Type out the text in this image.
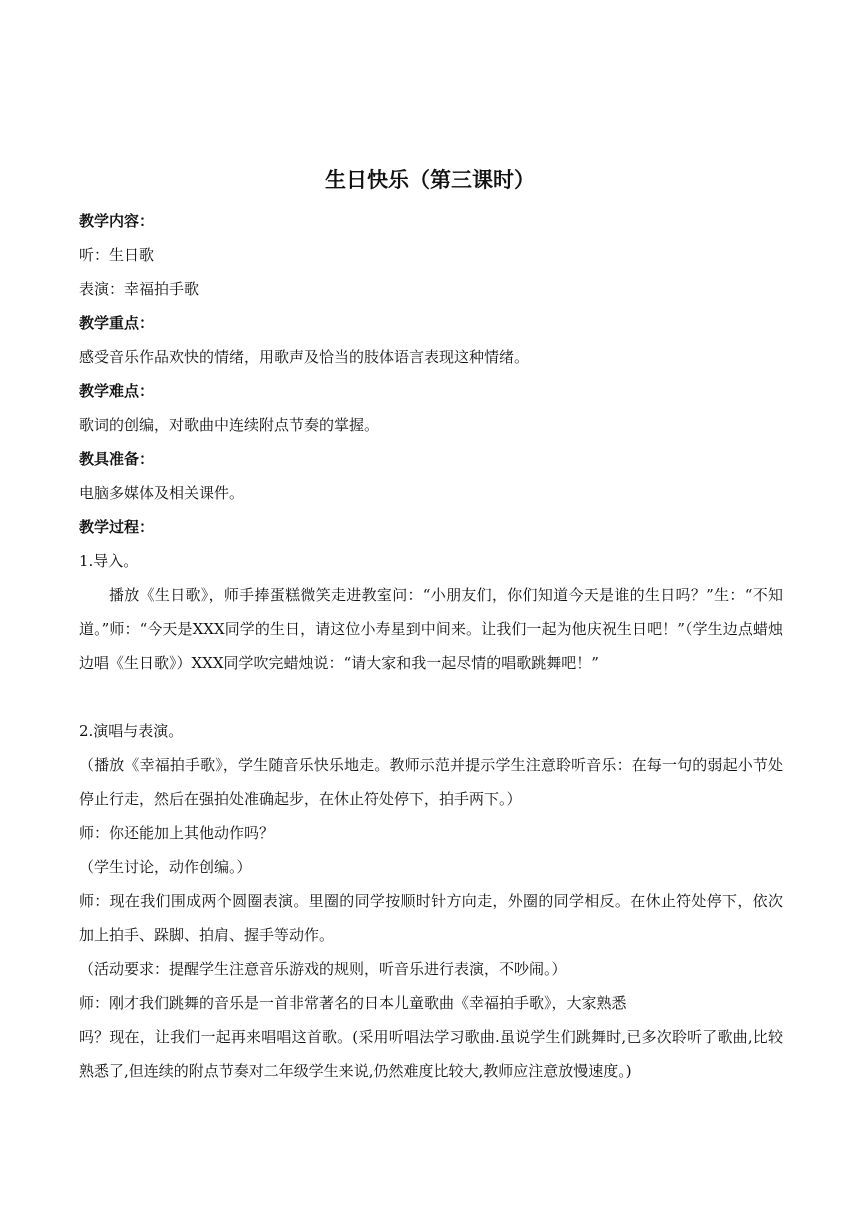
生日快乐（第三课时）
教学内容：
听：生日歌
表演：幸福拍手歌
教学重点：
感受音乐作品欢快的情绪，用歌声及恰当的肢体语言表现这种情绪。
教学难点：
歌词的创编，对歌曲中连续附点节奏的掌握。
教具准备：
电脑多媒体及相关课件。
教学过程：
1.导入。
播放《生日歌》，师手捧蛋糕微笑走进教室问：“小朋友们，你们知道今天是谁的生日吗？”生：“不知道。”师：“今天是XXX同学的生日，请这位小寿星到中间来。让我们一起为他庆祝生日吧！”（学生边点蜡烛边唱《生日歌》）XXX同学吹完蜡烛说：“请大家和我一起尽情的唱歌跳舞吧！”
2.演唱与表演。
（播放《幸福拍手歌》，学生随音乐快乐地走。教师示范并提示学生注意聆听音乐：在每一句的弱起小节处停止行走，然后在强拍处准确起步，在休止符处停下，拍手两下。）
师：你还能加上其他动作吗？
（学生讨论，动作创编。）
师：现在我们围成两个圆圈表演。里圈的同学按顺时针方向走，外圈的同学相反。在休止符处停下，依次加上拍手、跺脚、拍肩、握手等动作。
（活动要求：提醒学生注意音乐游戏的规则，听音乐进行表演，不吵闹。）
师：刚才我们跳舞的音乐是一首非常著名的日本儿童歌曲《幸福拍手歌》，大家熟悉
吗？现在，让我们一起再来唱唱这首歌。(采用听唱法学习歌曲.虽说学生们跳舞时,已多次聆听了歌曲,比较熟悉了,但连续的附点节奏对二年级学生来说,仍然难度比较大,教师应注意放慢速度。)
